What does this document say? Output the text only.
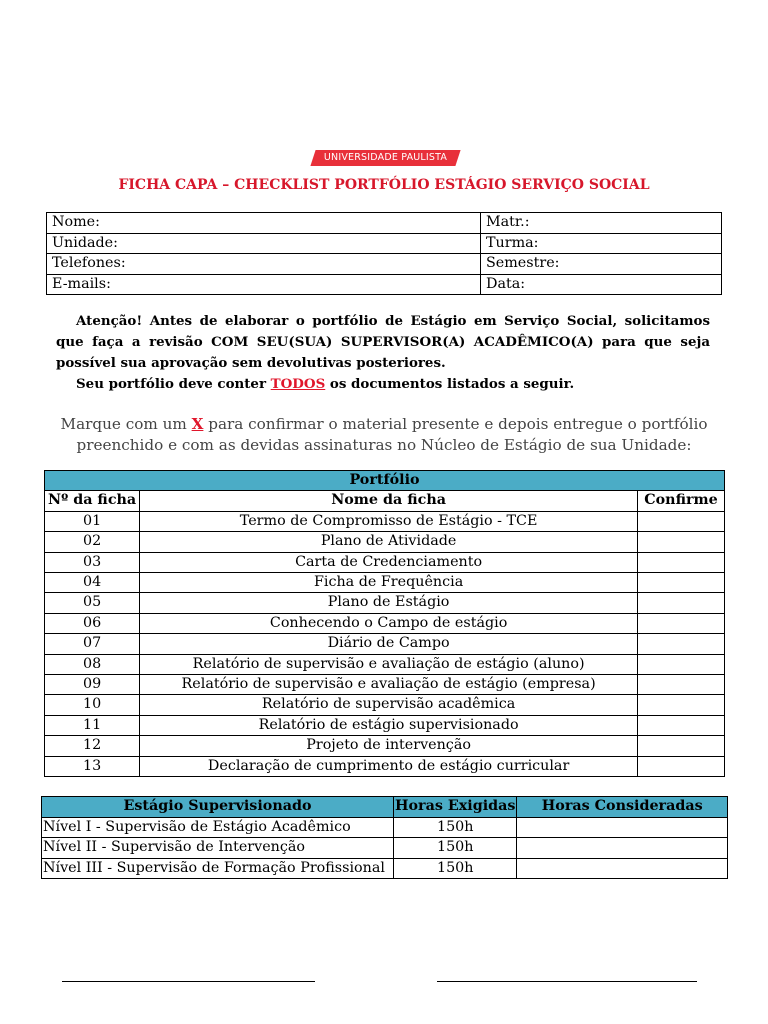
UNIVERSIDADE PAULISTA
FICHA CAPA – CHECKLIST PORTFÓLIO ESTÁGIO SERVIÇO SOCIAL
Nome:	Matr.:
Unidade:	Turma:
Telefones:	Semestre:
E-mails:	Data:

Atenção! Antes de elaborar o portfólio de Estágio em Serviço Social, solicitamos que faça a revisão COM SEU(SUA) SUPERVISOR(A) ACADÊMICO(A) para que seja possível sua aprovação sem devolutivas posteriores.

Seu portfólio deve conter TODOS os documentos listados a seguir.

Marque com um X para confirmar o material presente e depois entregue o portfólio preenchido e com as devidas assinaturas no Núcleo de Estágio de sua Unidade:
Portfólio		
Nº da ficha	Nome da ficha	Confirme
01	Termo de Compromisso de Estágio - TCE	
02	Plano de Atividade	
03	Carta de Credenciamento	
04	Ficha de Frequência	
05	Plano de Estágio	
06	Conhecendo o Campo de estágio	
07	Diário de Campo	
08	Relatório de supervisão e avaliação de estágio (aluno)	
09	Relatório de supervisão e avaliação de estágio (empresa)	
10	Relatório de supervisão acadêmica	
11	Relatório de estágio supervisionado	
12	Projeto de intervenção	
13	Declaração de cumprimento de estágio curricular	
Estágio Supervisionado	Horas Exigidas	Horas Consideradas
Nível I - Supervisão de Estágio Acadêmico	150h	
Nível II - Supervisão de Intervenção	150h	
Nível III - Supervisão de Formação Profissional	150h	
